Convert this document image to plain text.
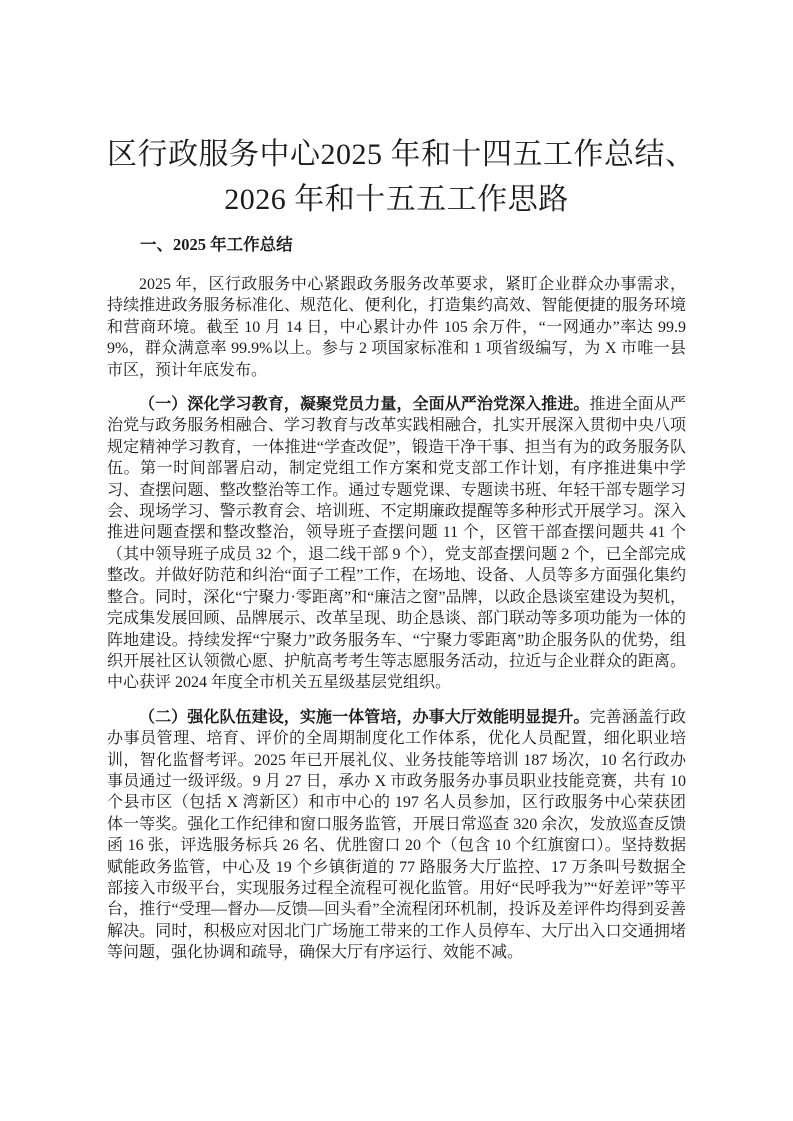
区行政服务中心2025 年和十四五工作总结、
2026 年和十五五工作思路
一、2025 年工作总结

2025 年，区行政服务中心紧跟政务服务改革要求，紧盯企业群众办事需求，持续推进政务服务标准化、规范化、便利化，打造集约高效、智能便捷的服务环境和营商环境。截至 10 月 14 日，中心累计办件 105 余万件，“一网通办”率达 99.99%，群众满意率 99.9%以上。参与 2 项国家标准和 1 项省级编写，为 X 市唯一县市区，预计年底发布。

（一）深化学习教育，凝聚党员力量，全面从严治党深入推进。推进全面从严治党与政务服务相融合、学习教育与改革实践相融合，扎实开展深入贯彻中央八项规定精神学习教育，一体推进“学查改促”，锻造干净干事、担当有为的政务服务队伍。第一时间部署启动，制定党组工作方案和党支部工作计划，有序推进集中学习、查摆问题、整改整治等工作。通过专题党课、专题读书班、年轻干部专题学习会、现场学习、警示教育会、培训班、不定期廉政提醒等多种形式开展学习。深入推进问题查摆和整改整治，领导班子查摆问题 11 个，区管干部查摆问题共 41 个（其中领导班子成员 32 个，退二线干部 9 个），党支部查摆问题 2 个，已全部完成整改。并做好防范和纠治“面子工程”工作，在场地、设备、人员等多方面强化集约整合。同时，深化“宁聚力·零距离”和“廉洁之窗”品牌，以政企恳谈室建设为契机，完成集发展回顾、品牌展示、改革呈现、助企恳谈、部门联动等多项功能为一体的阵地建设。持续发挥“宁聚力”政务服务车、“宁聚力零距离”助企服务队的优势，组织开展社区认领微心愿、护航高考考生等志愿服务活动，拉近与企业群众的距离。中心获评 2024 年度全市机关五星级基层党组织。

（二）强化队伍建设，实施一体管培，办事大厅效能明显提升。完善涵盖行政办事员管理、培育、评价的全周期制度化工作体系，优化人员配置，细化职业培训，智化监督考评。2025 年已开展礼仪、业务技能等培训 187 场次，10 名行政办事员通过一级评级。9 月 27 日，承办 X 市政务服务办事员职业技能竞赛，共有 10 个县市区（包括 X 湾新区）和市中心的 197 名人员参加，区行政服务中心荣获团体一等奖。强化工作纪律和窗口服务监管，开展日常巡查 320 余次，发放巡查反馈函 16 张，评选服务标兵 26 名、优胜窗口 20 个（包含 10 个红旗窗口）。坚持数据赋能政务监管，中心及 19 个乡镇街道的 77 路服务大厅监控、17 万条叫号数据全部接入市级平台，实现服务过程全流程可视化监管。用好“民呼我为”“好差评”等平台，推行“受理—督办—反馈—回头看”全流程闭环机制，投诉及差评件均得到妥善解决。同时，积极应对因北门广场施工带来的工作人员停车、大厅出入口交通拥堵等问题，强化协调和疏导，确保大厅有序运行、效能不减。
